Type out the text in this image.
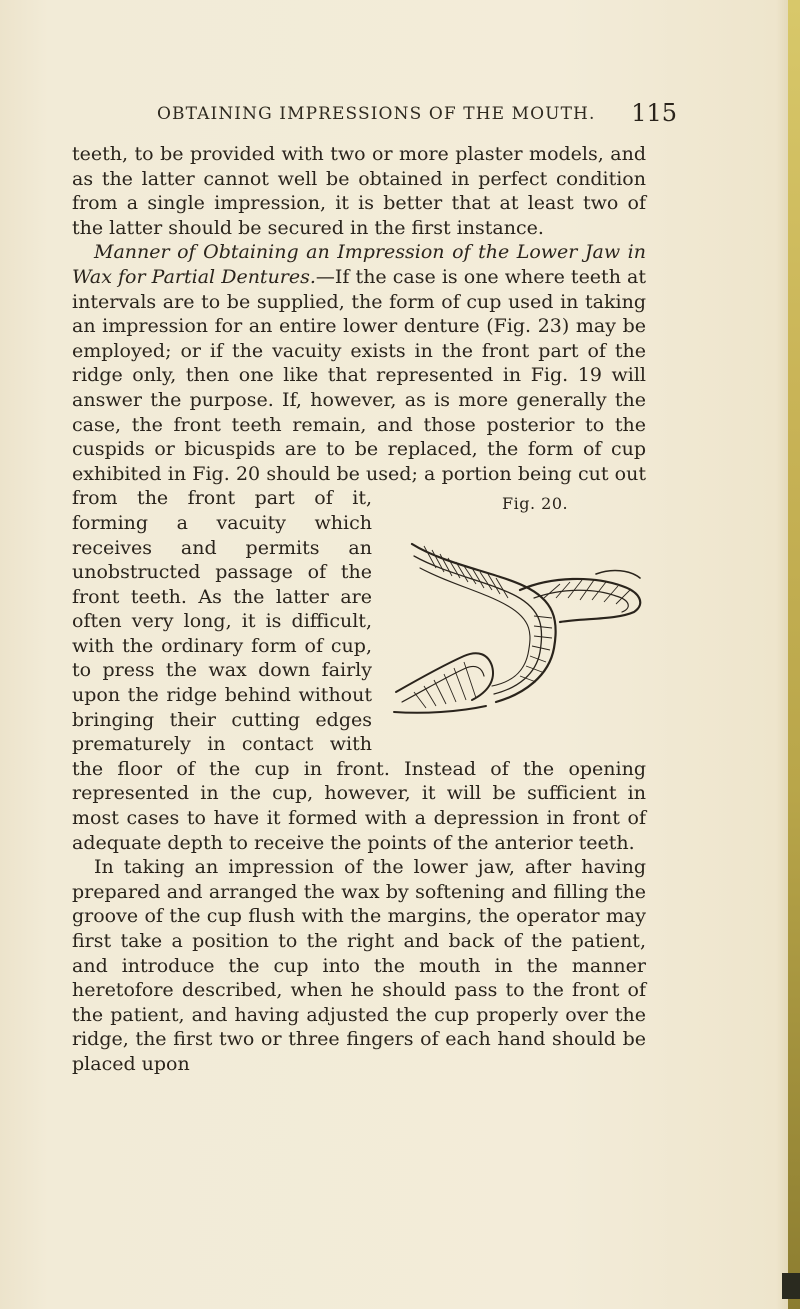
OBTAINING IMPRESSIONS OF THE MOUTH. 115

teeth, to be provided with two or more plaster models, and as the latter cannot well be obtained in perfect condition from a single impression, it is better that at least two of the latter should be secured in the first instance.

Manner of Obtaining an Impression of the Lower Jaw in Wax for Partial Dentures.—If the case is one where teeth at intervals are to be supplied, the form of cup used in taking an impression for an entire lower denture (Fig. 23) may be employed; or if the vacuity exists in the front part of the ridge only, then one like that represented in Fig. 19 will answer the purpose. If, however, as is more generally the case, the front teeth remain, and those posterior to the cuspids or bicuspids are to be replaced, the form of cup exhibited in Fig. 20 should be used; a portion being cut out from the	Fig. 20.
front part of it, forming a vacuity which receives and permits an unobstructed passage of the front teeth. As the latter are often very long, it is difficult, with the ordinary form of cup, to press the wax down fairly upon the ridge behind without bringing their cutting edges prematurely in contact with the floor of the cup in front. Instead of the opening represented in the cup, however, it will be sufficient in most cases to have it formed with a depression in front of adequate depth to receive the points of the anterior teeth.

In taking an impression of the lower jaw, after having prepared and arranged the wax by softening and filling the groove of the cup flush with the margins, the operator may first take a position to the right and back of the patient, and introduce the cup into the mouth in the manner heretofore described, when he should pass to the front of the patient, and having adjusted the cup properly over the ridge, the first two or three fingers of each hand should be placed upon
